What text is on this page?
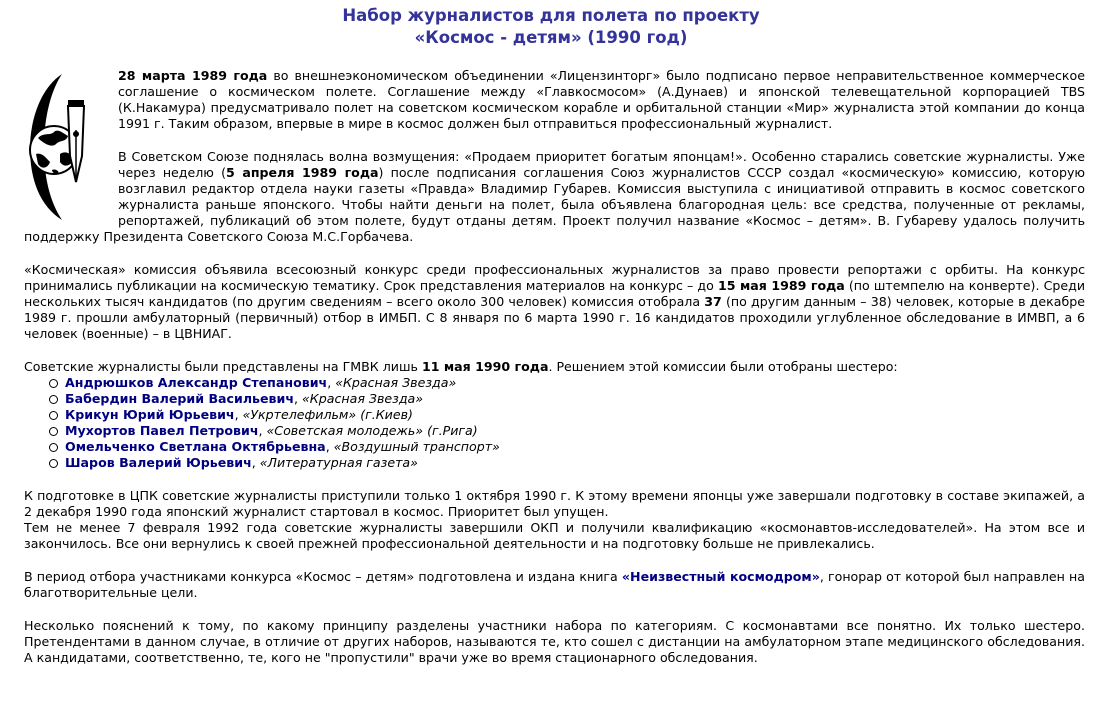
Набор журналистов для полета по проекту
«Космос - детям» (1990 год)

28 марта 1989 года во внешнеэкономическом объединении «Лицензинторг» было подписано первое неправительственное коммерческое соглашение о космическом полете. Соглашение между «Главкосмосом» (А.Дунаев) и японской телевещательной корпорацией TBS (К.Накамура) предусматривало полет на советском космическом корабле и орбитальной станции «Мир» журналиста этой компании до конца 1991 г. Таким образом, впервые в мире в космос должен был отправиться профессиональный журналист.

В Советском Союзе поднялась волна возмущения: «Продаем приоритет богатым японцам!». Особенно старались советские журналисты. Уже через неделю (5 апреля 1989 года) после подписания соглашения Союз журналистов СССР создал «космическую» комиссию, которую возглавил редактор отдела науки газеты «Правда» Владимир Губарев. Комиссия выступила с инициативой отправить в космос советского журналиста раньше японского. Чтобы найти деньги на полет, была объявлена благородная цель: все средства, полученные от рекламы, репортажей, публикаций об этом полете, будут отданы детям. Проект получил название «Космос – детям». В. Губареву удалось получить поддержку Президента Советского Союза М.С.Горбачева.

«Космическая» комиссия объявила всесоюзный конкурс среди профессиональных журналистов за право провести репортажи с орбиты. На конкурс принимались публикации на космическую тематику. Срок представления материалов на конкурс – до 15 мая 1989 года (по штемпелю на конверте). Среди нескольких тысяч кандидатов (по другим сведениям – всего около 300 человек) комиссия отобрала 37 (по другим данным – 38) человек, которые в декабре 1989 г. прошли амбулаторный (первичный) отбор в ИМБП. С 8 января по 6 марта 1990 г. 16 кандидатов проходили углубленное обследование в ИМВП, а 6 человек (военные) – в ЦВНИАГ.

Советские журналисты были представлены на ГМВК лишь 11 мая 1990 года. Решением этой комиссии были отобраны шестеро:
Андрюшков Александр Степанович, «Красная Звезда»
Бабердин Валерий Васильевич, «Красная Звезда»
Крикун Юрий Юрьевич, «Укртелефильм» (г.Киев)
Мухортов Павел Петрович, «Советская молодежь» (г.Рига)
Омельченко Светлана Октябрьевна, «Воздушный транспорт»
Шаров Валерий Юрьевич, «Литературная газета»

К подготовке в ЦПК советские журналисты приступили только 1 октября 1990 г. К этому времени японцы уже завершали подготовку в составе экипажей, а 2 декабря 1990 года японский журналист стартовал в космос. Приоритет был упущен.
Тем не менее 7 февраля 1992 года советские журналисты завершили ОКП и получили квалификацию «космонавтов-исследователей». На этом все и закончилось. Все они вернулись к своей прежней профессиональной деятельности и на подготовку больше не привлекались.

В период отбора участниками конкурса «Космос – детям» подготовлена и издана книга «Неизвестный космодром», гонорар от которой был направлен на благотворительные цели.

Несколько пояснений к тому, по какому принципу разделены участники набора по категориям. С космонавтами все понятно. Их только шестеро. Претендентами в данном случае, в отличие от других наборов, называются те, кто сошел с дистанции на амбулаторном этапе медицинского обследования. А кандидатами, соответственно, те, кого не "пропустили" врачи уже во время стационарного обследования.
